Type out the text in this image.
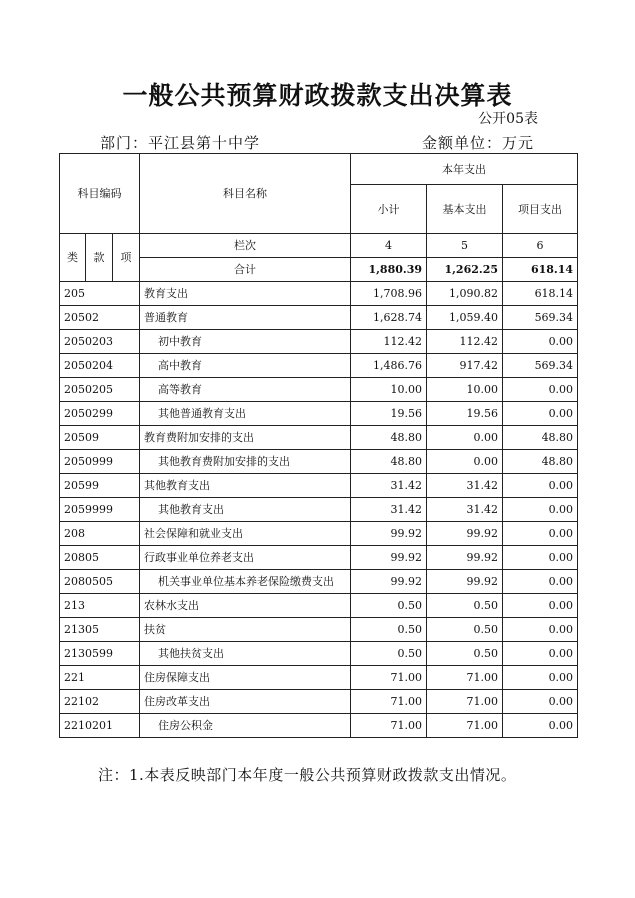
一般公共预算财政拨款支出决算表
公开05表
部门：平江县第十中学	金额单位：万元
科目编码			科目名称	本年支出		
				小计	基本支出	项目支出
类	款	项	栏次	4	5	6
			合计	1,880.39	1,262.25	618.14
205			教育支出	1,708.96	1,090.82	618.14
20502			普通教育	1,628.74	1,059.40	569.34
2050203			初中教育	112.42	112.42	0.00
2050204			高中教育	1,486.76	917.42	569.34
2050205			高等教育	10.00	10.00	0.00
2050299			其他普通教育支出	19.56	19.56	0.00
20509			教育费附加安排的支出	48.80	0.00	48.80
2050999			其他教育费附加安排的支出	48.80	0.00	48.80
20599			其他教育支出	31.42	31.42	0.00
2059999			其他教育支出	31.42	31.42	0.00
208			社会保障和就业支出	99.92	99.92	0.00
20805			行政事业单位养老支出	99.92	99.92	0.00
2080505			机关事业单位基本养老保险缴费支出	99.92	99.92	0.00
213			农林水支出	0.50	0.50	0.00
21305			扶贫	0.50	0.50	0.00
2130599			其他扶贫支出	0.50	0.50	0.00
221			住房保障支出	71.00	71.00	0.00
22102			住房改革支出	71.00	71.00	0.00
2210201			住房公积金	71.00	71.00	0.00
注：1.本表反映部门本年度一般公共预算财政拨款支出情况。
